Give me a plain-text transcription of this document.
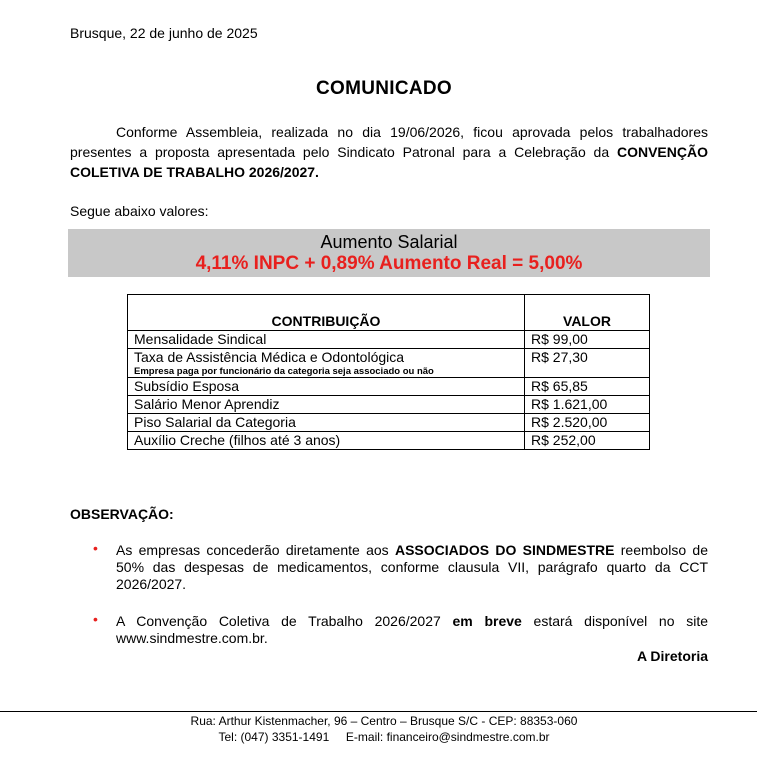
Brusque, 22 de junho de 2025
COMUNICADO
Conforme Assembleia, realizada no dia 19/06/2026, ficou aprovada pelos trabalhadores presentes a proposta apresentada pelo Sindicato Patronal para a Celebração da CONVENÇÃO COLETIVA DE TRABALHO 2026/2027.
Segue abaixo valores:
Aumento Salarial
4,11% INPC + 0,89% Aumento Real = 5,00%
CONTRIBUIÇÃO	VALOR
Mensalidade Sindical	R$ 99,00
Taxa de Assistência Médica e Odontológica
Empresa paga por funcionário da categoria seja associado ou não	R$ 27,30
Subsídio Esposa	R$ 65,85
Salário Menor Aprendiz	R$ 1.621,00
Piso Salarial da Categoria	R$ 2.520,00
Auxílio Creche (filhos até 3 anos)	R$ 252,00
OBSERVAÇÃO:
• As empresas concederão diretamente aos ASSOCIADOS DO SINDMESTRE reembolso de 50% das despesas de medicamentos, conforme clausula VII, parágrafo quarto da CCT 2026/2027.
• A Convenção Coletiva de Trabalho 2026/2027 em breve estará disponível no site www.sindmestre.com.br.
A Diretoria
Rua: Arthur Kistenmacher, 96 – Centro – Brusque S/C - CEP: 88353-060
Tel: (047) 3351-1491     E-mail: financeiro@sindmestre.com.br
